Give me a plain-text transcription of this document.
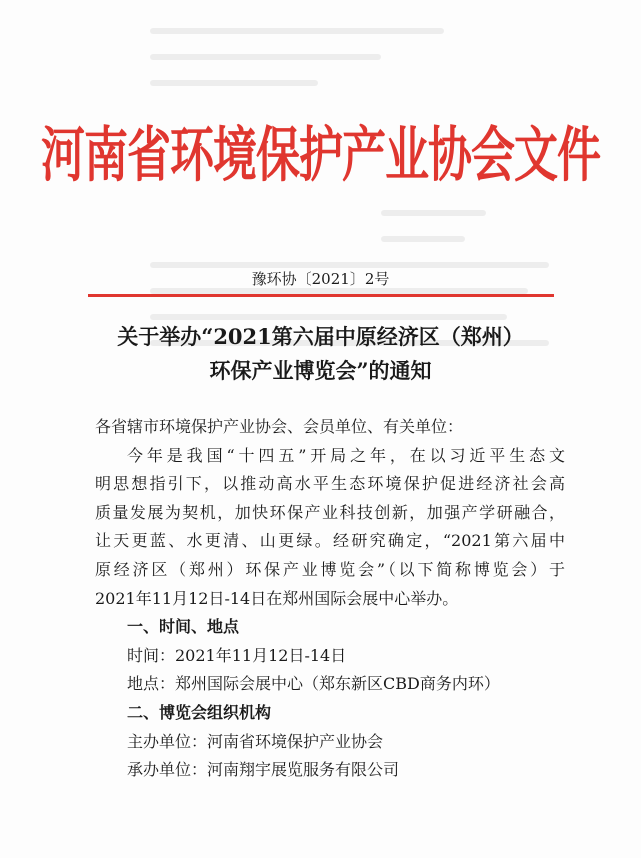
河南省环境保护产业协会文件
豫环协〔2021〕2号
关于举办“2021第六届中原经济区（郑州）
环保产业博览会”的通知
各省辖市环境保护产业协会、会员单位、有关单位：
今年是我国“十四五”开局之年，在以习近平生态文
明思想指引下，以推动高水平生态环境保护促进经济社会高
质量发展为契机，加快环保产业科技创新，加强产学研融合，
让天更蓝、水更清、山更绿。经研究确定，“2021第六届中
原经济区（郑州）环保产业博览会”（以下简称博览会）于
2021年11月12日-14日在郑州国际会展中心举办。
一、时间、地点
时间：2021年11月12日-14日
地点：郑州国际会展中心（郑东新区CBD商务内环）
二、博览会组织机构
主办单位：河南省环境保护产业协会
承办单位：河南翔宇展览服务有限公司
